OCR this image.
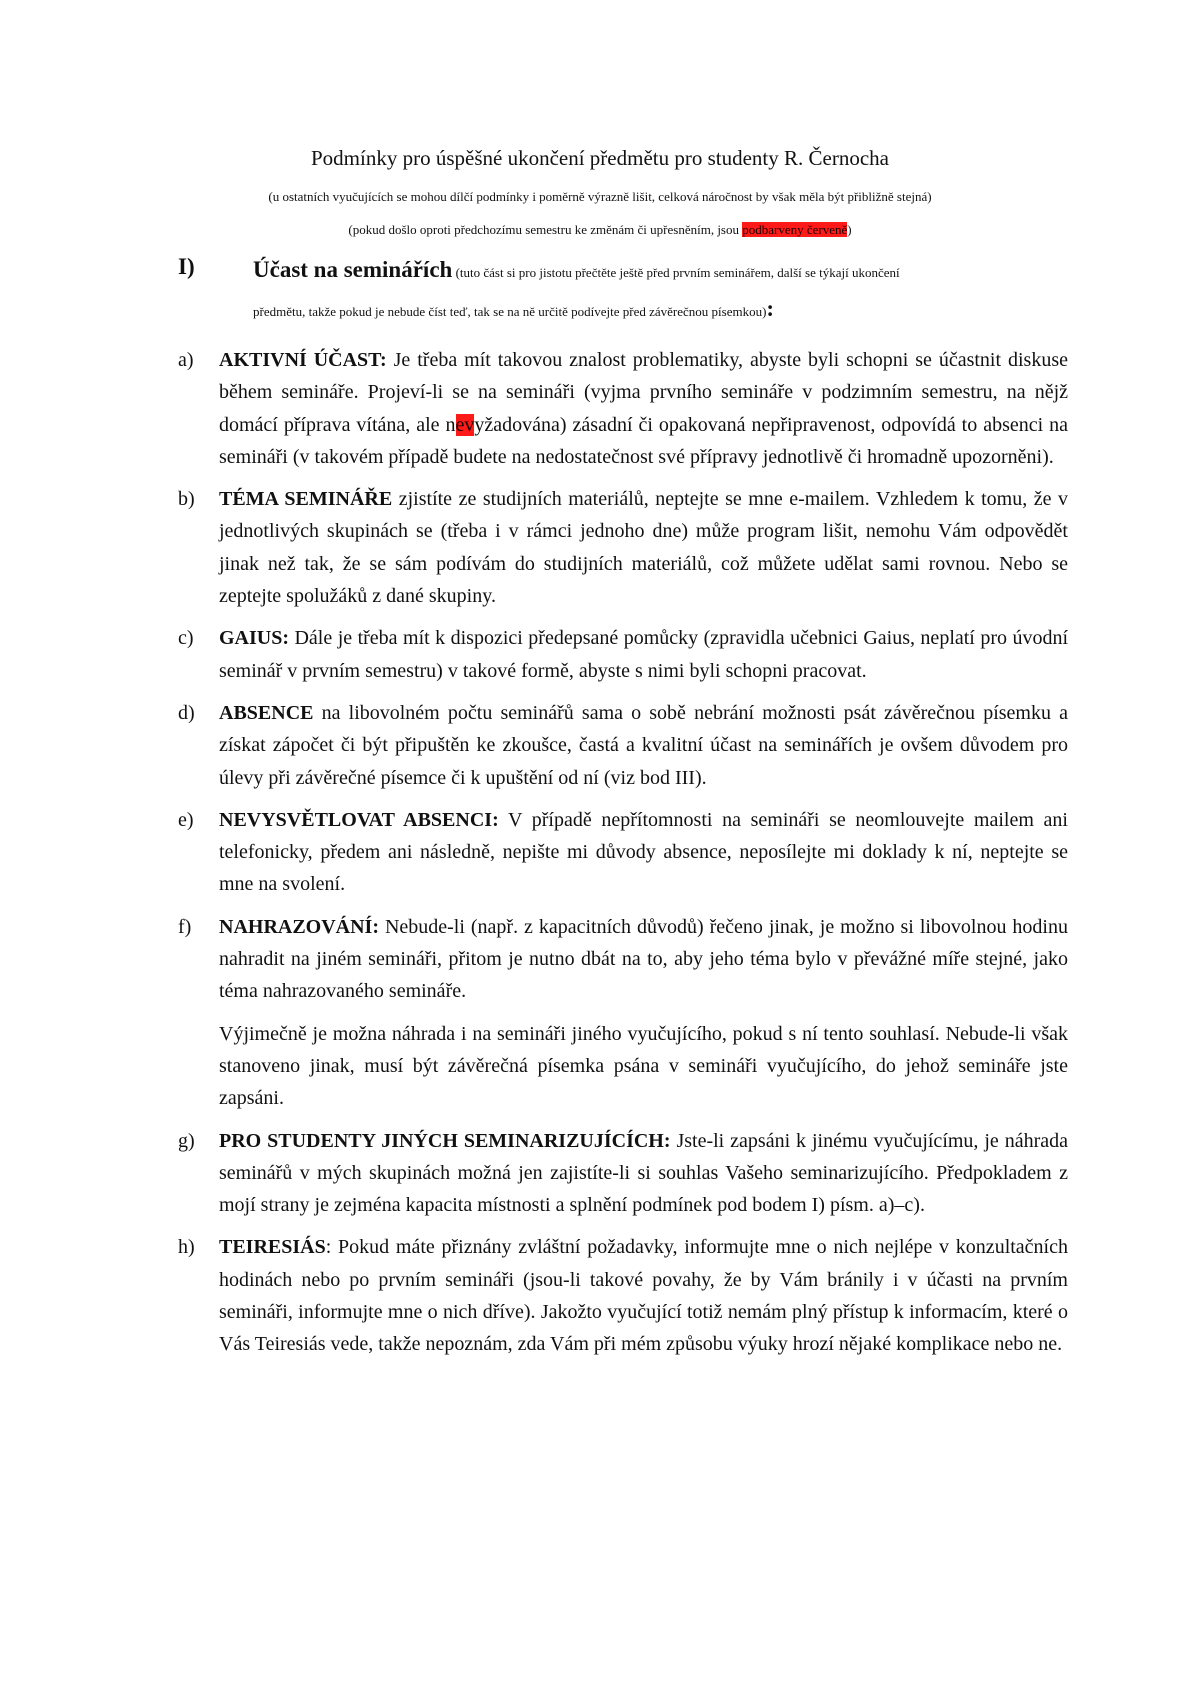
Podmínky pro úspěšné ukončení předmětu pro studenty R. Černocha
(u ostatních vyučujících se mohou dílčí podmínky i poměrně výrazně lišit, celková náročnost by však měla být přibližně stejná)
(pokud došlo oproti předchozímu semestru ke změnám či upřesněním, jsou podbarveny červeně)
I)	Účast na seminářích (tuto část si pro jistotu přečtěte ještě před prvním seminářem, další se týkají ukončení
předmětu, takže pokud je nebude číst teď, tak se na ně určitě podívejte před závěrečnou písemkou):
a) AKTIVNÍ ÚČAST: Je třeba mít takovou znalost problematiky, abyste byli schopni se účastnit diskuse během semináře. Projeví-li se na semináři (vyjma prvního semináře v podzimním semestru, na nějž domácí příprava vítána, ale nevyžadována) zásadní či opakovaná nepřipravenost, odpovídá to absenci na semináři (v takovém případě budete na nedostatečnost své přípravy jednotlivě či hromadně upozorněni).

b) TÉMA SEMINÁŘE zjistíte ze studijních materiálů, neptejte se mne e-mailem. Vzhledem k tomu, že v jednotlivých skupinách se (třeba i v rámci jednoho dne) může program lišit, nemohu Vám odpovědět jinak než tak, že se sám podívám do studijních materiálů, což můžete udělat sami rovnou. Nebo se zeptejte spolužáků z dané skupiny.

c) GAIUS: Dále je třeba mít k dispozici předepsané pomůcky (zpravidla učebnici Gaius, neplatí pro úvodní seminář v prvním semestru) v takové formě, abyste s nimi byli schopni pracovat.

d) ABSENCE na libovolném počtu seminářů sama o sobě nebrání možnosti psát závěrečnou písemku a získat zápočet či být připuštěn ke zkoušce, častá a kvalitní účast na seminářích je ovšem důvodem pro úlevy při závěrečné písemce či k upuštění od ní (viz bod III).

e) NEVYSVĚTLOVAT ABSENCI: V případě nepřítomnosti na semináři se neomlouvejte mailem ani telefonicky, předem ani následně, nepište mi důvody absence, neposílejte mi doklady k ní, neptejte se mne na svolení.

f) NAHRAZOVÁNÍ: Nebude-li (např. z kapacitních důvodů) řečeno jinak, je možno si libovolnou hodinu nahradit na jiném semináři, přitom je nutno dbát na to, aby jeho téma bylo v převážné míře stejné, jako téma nahrazovaného semináře.

Výjimečně je možna náhrada i na semináři jiného vyučujícího, pokud s ní tento souhlasí. Nebude-li však stanoveno jinak, musí být závěrečná písemka psána v semináři vyučujícího, do jehož semináře jste zapsáni.

g) PRO STUDENTY JINÝCH SEMINARIZUJÍCÍCH: Jste-li zapsáni k jinému vyučujícímu, je náhrada seminářů v mých skupinách možná jen zajistíte-li si souhlas Vašeho seminarizujícího. Předpokladem z mojí strany je zejména kapacita místnosti a splnění podmínek pod bodem I) písm. a)–c).

h) TEIRESIÁS: Pokud máte přiznány zvláštní požadavky, informujte mne o nich nejlépe v konzultačních hodinách nebo po prvním semináři (jsou-li takové povahy, že by Vám bránily i v účasti na prvním semináři, informujte mne o nich dříve). Jakožto vyučující totiž nemám plný přístup k informacím, které o Vás Teiresiás vede, takže nepoznám, zda Vám při mém způsobu výuky hrozí nějaké komplikace nebo ne.
